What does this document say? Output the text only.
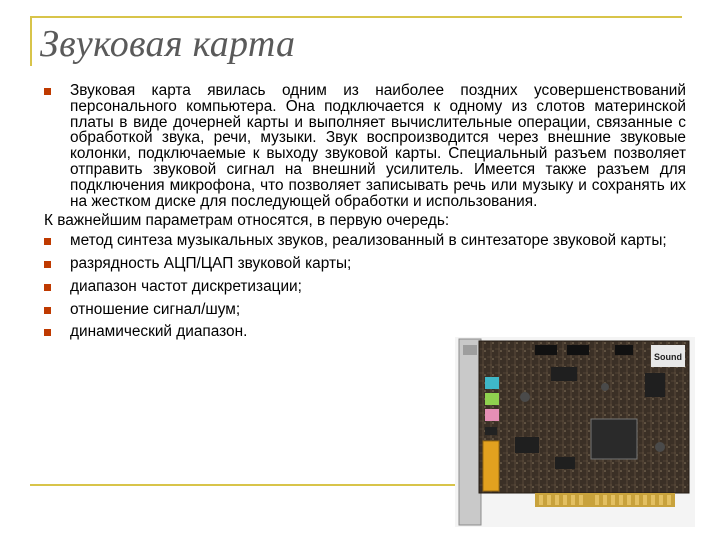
Звуковая карта
Звуковая карта явилась одним из наиболее поздних усовершенствований персонального компьютера. Она подключается к одному из слотов материнской платы в виде дочерней карты и выполняет вычислительные операции, связанные с обработкой звука, речи, музыки. Звук воспроизводится через внешние звуковые колонки, подключаемые к выходу звуковой карты. Специальный разъем позволяет отправить звуковой сигнал на внешний усилитель. Имеется также разъем для подключения микрофона, что позволяет записывать речь или музыку и сохранять их на жестком диске для последующей обработки и использования.
К важнейшим параметрам относятся, в первую очередь:
метод синтеза музыкальных звуков, реализованный в синтезаторе звуковой карты;
разрядность АЦП/ЦАП звуковой карты;
диапазон частот дискретизации;
отношение сигнал/шум;
динамический диапазон.
Sound
